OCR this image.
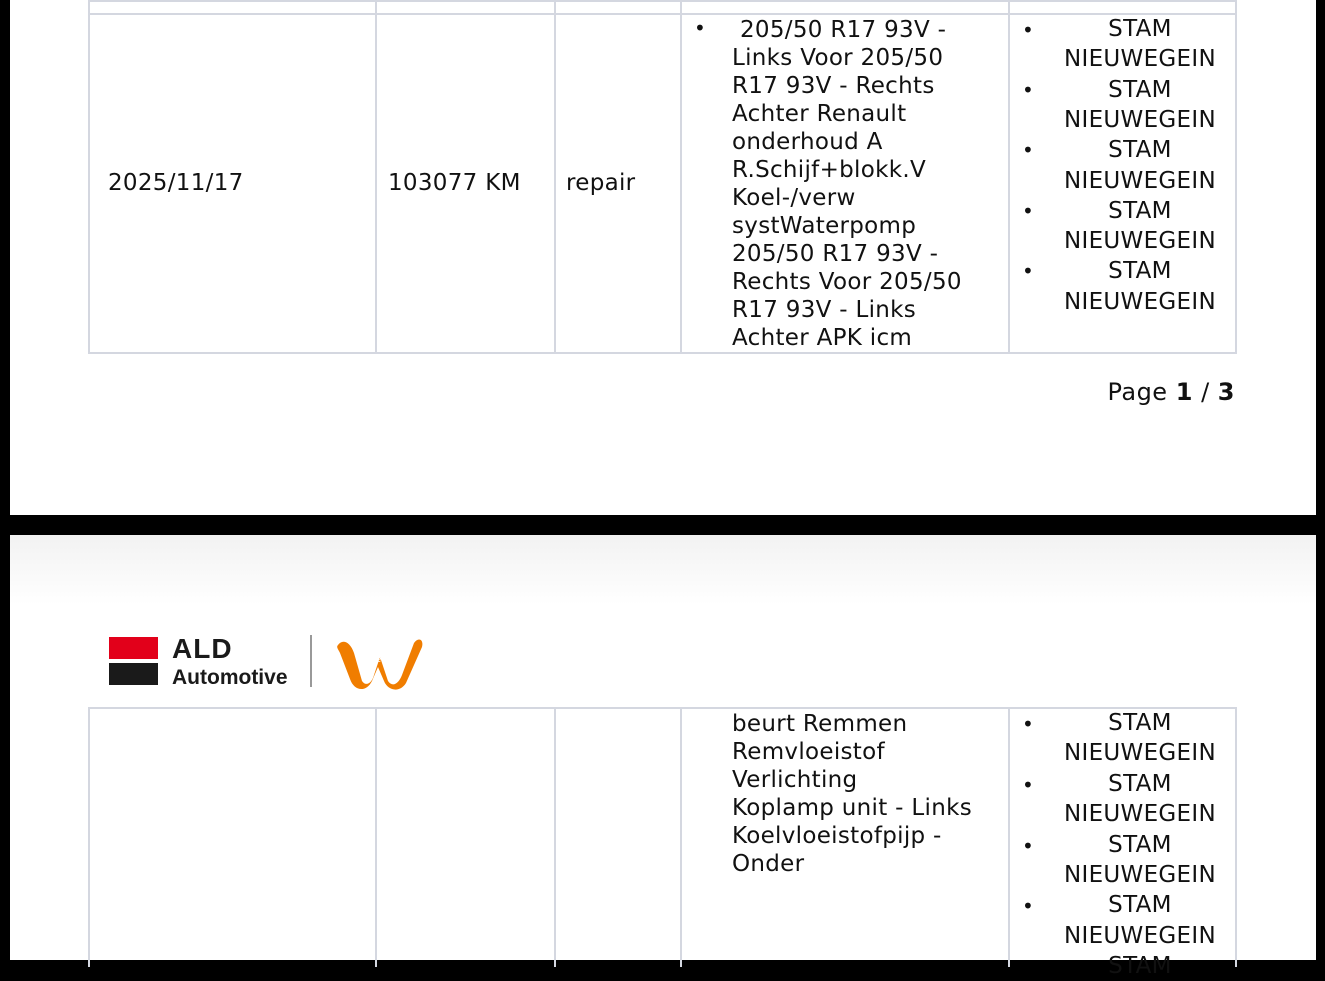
2025/11/17	103077 KM repair
• 205/50 R17 93V -
Links Voor 205/50
R17 93V - Rechts
Achter Renault
onderhoud A
R.Schijf+blokk.V
Koel-/verw
systWaterpomp
205/50 R17 93V -
Rechts Voor 205/50
R17 93V - Links
Achter APK icm
•	STAM
NIEUWEGEIN
•	STAM
NIEUWEGEIN
•	STAM
NIEUWEGEIN
•	STAM
NIEUWEGEIN
•	STAM
NIEUWEGEIN
Page 1 / 3
ALD
Automotive
LeasePlan
beurt Remmen
Remvloeistof
Verlichting
Koplamp unit - Links
Koelvloeistofpijp -
Onder
•	STAM
NIEUWEGEIN
•	STAM
NIEUWEGEIN
•	STAM
NIEUWEGEIN
•	STAM
NIEUWEGEIN
STAM
